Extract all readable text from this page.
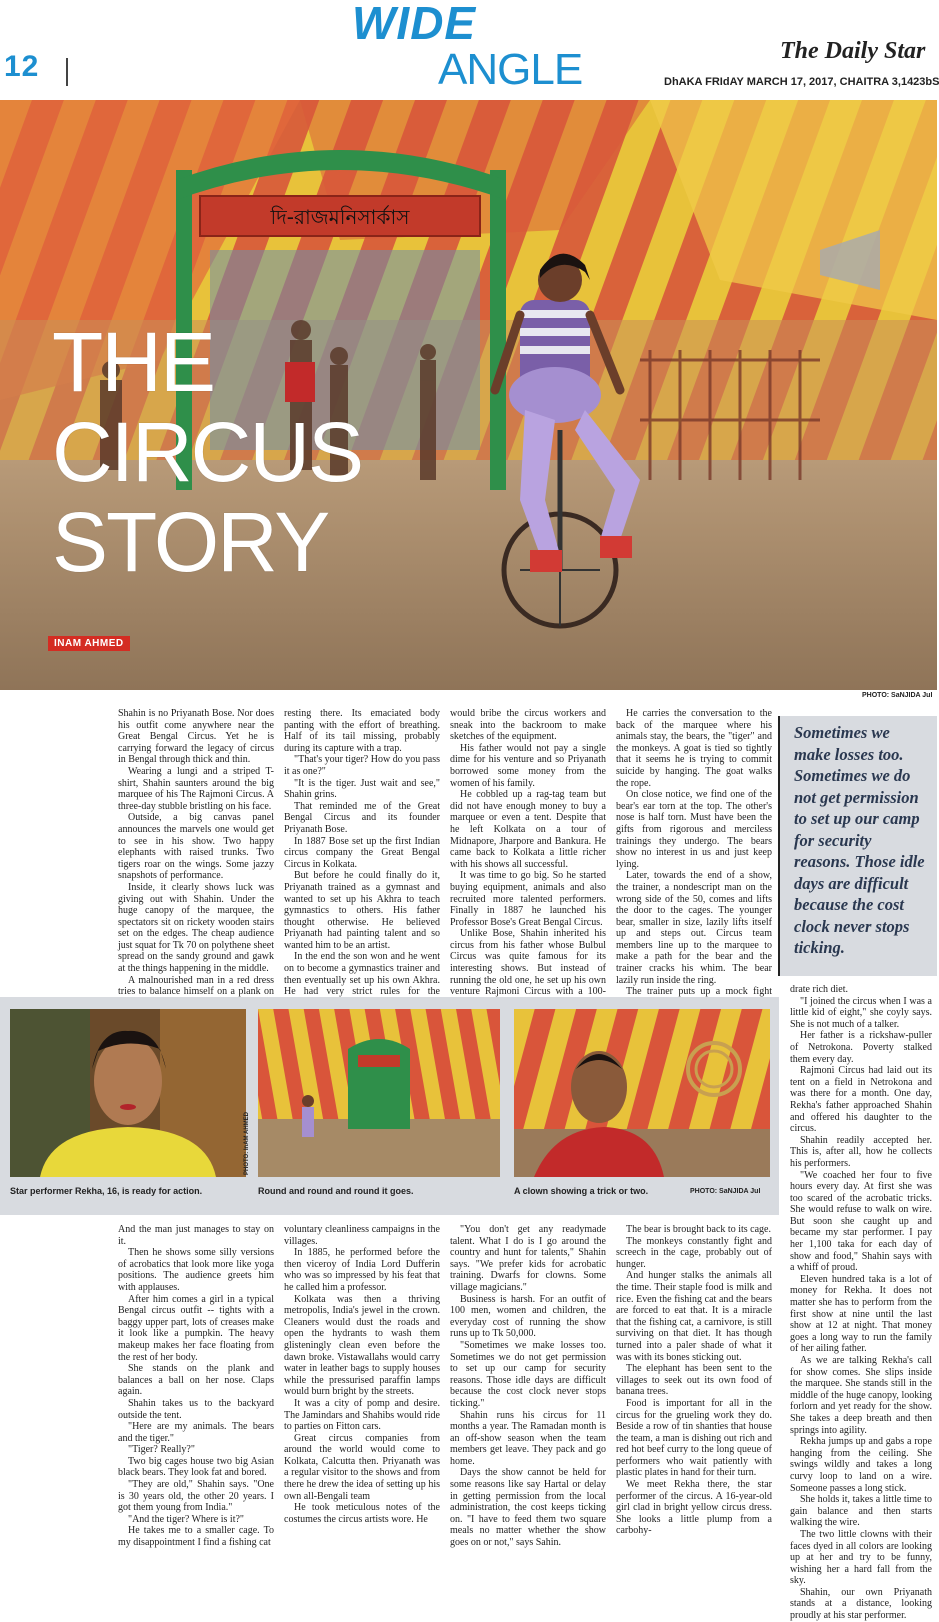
12
WIDE
ANGLE	The Daily Star
DhAKA FRIdAY MARCH 17, 2017, CHAITRA 3,1423bS
দি-রাজমনিসার্কাস
THE
CIRCUS
STORY
INAM AHMED
PHOTO: SaNJIDA JuI

Shahin is no Priyanath Bose. Nor does his outfit come anywhere near the Great Bengal Circus. Yet he is carrying forward the legacy of circus in Bengal through thick and thin.

Wearing a lungi and a striped T-shirt, Shahin saunters around the big marquee of his The Rajmoni Circus. A three-day stubble bristling on his face.

Outside, a big canvas panel announces the marvels one would get to see in his show. Two happy elephants with raised trunks. Two tigers roar on the wings. Some jazzy snapshots of performance.

Inside, it clearly shows luck was giving out with Shahin. Under the huge canopy of the marquee, the spectators sit on rickety wooden stairs set on the edges. The cheap audience just squat for Tk 70 on polythene sheet spread on the sandy ground and gawk at the things happening in the middle.

A malnourished man in a red dress tries to balance himself on a plank on

resting there. Its emaciated body panting with the effort of breathing. Half of its tail missing, probably during its capture with a trap.

"That's your tiger? How do you pass it as one?"

"It is the tiger. Just wait and see," Shahin grins.

That reminded me of the Great Bengal Circus and its founder Priyanath Bose.

In 1887 Bose set up the first Indian circus company the Great Bengal Circus in Kolkata.

But before he could finally do it, Priyanath trained as a gymnast and wanted to set up his Akhra to teach gymnastics to others. His father thought otherwise. He believed Priyanath had painting talent and so wanted him to be an artist.

In the end the son won and he went on to become a gymnastics trainer and then eventually set up his own Akhra. He had very strict rules for the

would bribe the circus workers and sneak into the backroom to make sketches of the equipment.

His father would not pay a single dime for his venture and so Priyanath borrowed some money from the women of his family.

He cobbled up a rag-tag team but did not have enough money to buy a marquee or even a tent. Despite that he left Kolkata on a tour of Midnapore, Jharpore and Bankura. He came back to Kolkata a little richer with his shows all successful.

It was time to go big. So he started buying equipment, animals and also recruited more talented performers. Finally in 1887 he launched his Professor Bose's Great Bengal Circus.

Unlike Bose, Shahin inherited his circus from his father whose Bulbul Circus was quite famous for its interesting shows. But instead of running the old one, he set up his own venture Rajmoni Circus with a 100-

He carries the conversation to the back of the marquee where his animals stay, the bears, the "tiger" and the monkeys. A goat is tied so tightly that it seems he is trying to commit suicide by hanging. The goat walks the rope.

On close notice, we find one of the bear's ear torn at the top. The other's nose is half torn. Must have been the gifts from rigorous and merciless trainings they undergo. The bears show no interest in us and just keep lying.

Later, towards the end of a show, the trainer, a nondescript man on the wrong side of the 50, comes and lifts the door to the cages. The younger bear, smaller in size, lazily lifts itself up and steps out. Circus team members line up to the marquee to make a path for the bear and the trainer cracks his whim. The bear lazily run inside the ring.

The trainer puts up a mock fight

Sometimes we make losses too. Sometimes we do not get permission to set up our camp for security reasons. Those idle days are difficult because the cost clock never stops ticking.
Star performer Rekha, 16, is ready for action.
PHOTO: InAM AHMED
Round and round and round it goes.	A clown showing a trick or two.	PHOTO: SaNJIDA JuI

drate rich diet.

"I joined the circus when I was a little kid of eight," she coyly says. She is not much of a talker.

Her father is a rickshaw-puller of Netrokona. Poverty stalked them every day.

Rajmoni Circus had laid out its tent on a field in Netrokona and was there for a month. One day, Rekha's father approached Shahin and offered his daughter to the circus.

Shahin readily accepted her. This is, after all, how he collects his performers.

"We coached her four to five hours every day. At first she was too scared of the acrobatic tricks. She would refuse to walk on wire. But soon she caught up and became my star performer. I pay her 1,100 taka for each day of show and food," Shahin says with a whiff of proud.

Eleven hundred taka is a lot of money for Rekha. It does not matter she has to perform from the first show at nine until the last show at 12 at night. That money goes a long way to run the family of her ailing father.

As we are talking Rekha's call for show comes. She slips inside the marquee. She stands still in the middle of the huge canopy, looking forlorn and yet ready for the show. She takes a deep breath and then springs into agility.

Rekha jumps up and gabs a rope hanging from the ceiling. She swings wildly and takes a long curvy loop to land on a wire. Someone passes a long stick.

She holds it, takes a little time to gain balance and then starts walking the wire.

The two little clowns with their faces dyed in all colors are looking up at her and try to be funny, wishing her a hard fall from the sky.

Shahin, our own Priyanath stands at a distance, looking proudly at his star performer.

And the man just manages to stay on it.

Then he shows some silly versions of acrobatics that look more like yoga positions. The audience greets him with applauses.

After him comes a girl in a typical Bengal circus outfit -- tights with a baggy upper part, lots of creases make it look like a pumpkin. The heavy makeup makes her face floating from the rest of her body.

She stands on the plank and balances a ball on her nose. Claps again.

Shahin takes us to the backyard outside the tent.

"Here are my animals. The bears and the tiger."

"Tiger? Really?"

Two big cages house two big Asian black bears. They look fat and bored.

"They are old," Shahin says. "One is 30 years old, the other 20 years. I got them young from India."

"And the tiger? Where is it?"

He takes me to a smaller cage. To my disappointment I find a fishing cat

voluntary cleanliness campaigns in the villages.

In 1885, he performed before the then viceroy of India Lord Dufferin who was so impressed by his feat that he called him a professor.

Kolkata was then a thriving metropolis, India's jewel in the crown. Cleaners would dust the roads and open the hydrants to wash them glisteningly clean even before the dawn broke. Vistawallahs would carry water in leather bags to supply houses while the pressurised paraffin lamps would burn bright by the streets.

It was a city of pomp and desire. The Jamindars and Shahibs would ride to parties on Fitton cars.

Great circus companies from around the world would come to Kolkata, Calcutta then. Priyanath was a regular visitor to the shows and from there he drew the idea of setting up his own all-Bengali team

He took meticulous notes of the costumes the circus artists wore. He

"You don't get any readymade talent. What I do is I go around the country and hunt for talents," Shahin says. "We prefer kids for acrobatic training. Dwarfs for clowns. Some village magicians."

Business is harsh. For an outfit of 100 men, women and children, the everyday cost of running the show runs up to Tk 50,000.

"Sometimes we make losses too. Sometimes we do not get permission to set up our camp for security reasons. Those idle days are difficult because the cost clock never stops ticking."

Shahin runs his circus for 11 months a year. The Ramadan month is an off-show season when the team members get leave. They pack and go home.

Days the show cannot be held for some reasons like say Hartal or delay in getting permission from the local administration, the cost keeps ticking on. "I have to feed them two square meals no matter whether the show goes on or not," says Sahin.

The bear is brought back to its cage.

The monkeys constantly fight and screech in the cage, probably out of hunger.

And hunger stalks the animals all the time. Their staple food is milk and rice. Even the fishing cat and the bears are forced to eat that. It is a miracle that the fishing cat, a carnivore, is still surviving on that diet. It has though turned into a paler shade of what it was with its bones sticking out.

The elephant has been sent to the villages to seek out its own food of banana trees.

Food is important for all in the circus for the grueling work they do. Beside a row of tin shanties that house the team, a man is dishing out rich and red hot beef curry to the long queue of performers who wait patiently with plastic plates in hand for their turn.

We meet Rekha there, the star performer of the circus. A 16-year-old girl clad in bright yellow circus dress. She looks a little plump from a carbohy-
